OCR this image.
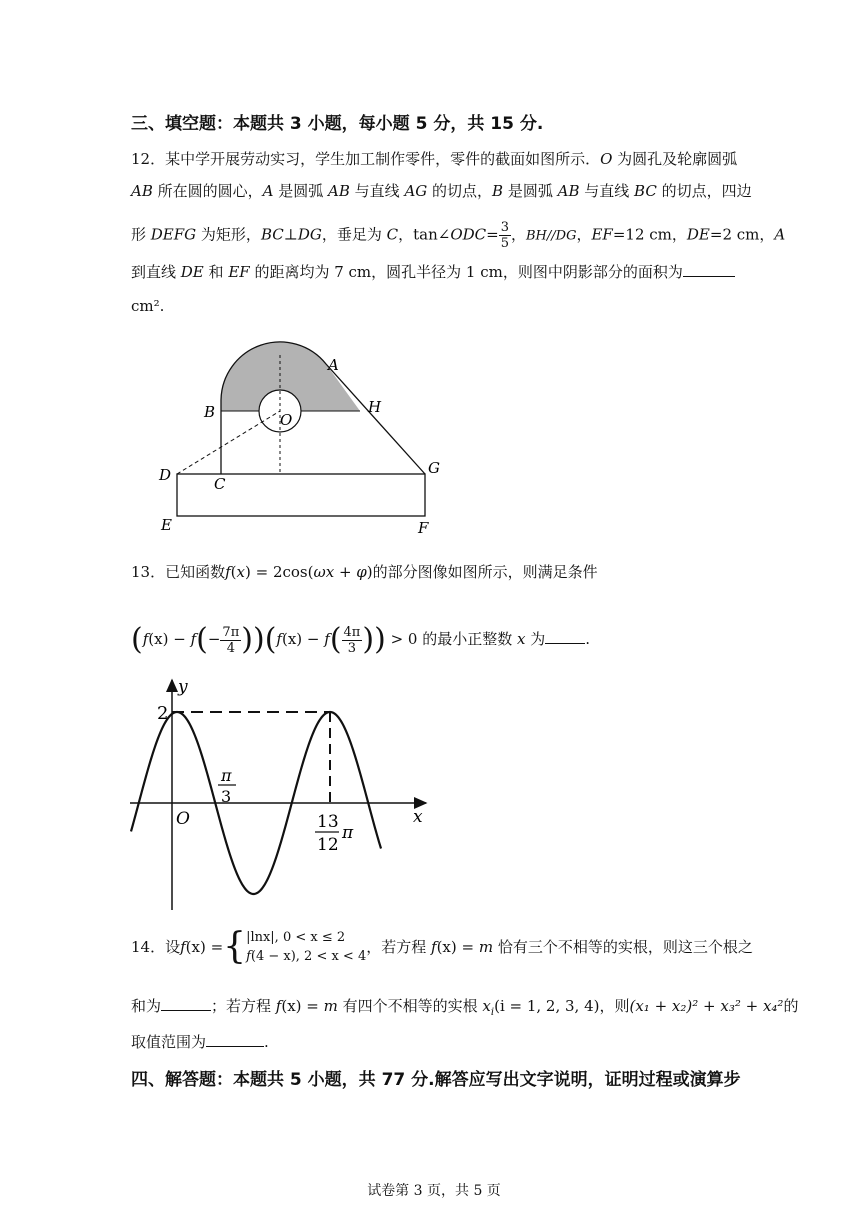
三、填空题：本题共 3 小题，每小题 5 分，共 15 分.
12．某中学开展劳动实习，学生加工制作零件，零件的截面如图所示．O 为圆孔及轮廓圆弧
AB 所在圆的圆心，A 是圆弧 AB 与直线 AG 的切点，B 是圆弧 AB 与直线 BC 的切点，四边
形 DEFG 为矩形，BC⊥DG，垂足为 C，tan∠ODC= $\frac{3}{5}$ ，BH//DG，EF=12 cm，DE=2 cm，A
到直线 DE 和 EF 的距离均为 7 cm，圆孔半径为 1 cm，则图中阴影部分的面积为
cm².
A
B	H
O
D	C
G
E	F
13．已知函数f(x) = 2cos(ωx + φ)的部分图像如图所示，则满足条件
$(f(x) - f(- \frac{7\pi}{4} ))(f(x) - f( \frac{4\pi}{3}$ )) > 0 的最小正整数 x 为	.
y
x
2
O
π
3
13
12
π
14．设f(x) ={ |lnx|, 0 < x ≤ 2
f(4 − x), 2 < x < 4
，若方程 f(x) = m 恰有三个不相等的实根，则这三个根之
和为	；若方程 f(x) = m 有四个不相等的实根 $x_i(i = 1$, 2, 3, 4)，则(x₁ + x₂)² + x₃² + x₄²的
取值范围为	.
四、解答题：本题共 5 小题，共 77 分.解答应写出文字说明，证明过程或演算步
试卷第 3 页，共 5 页
